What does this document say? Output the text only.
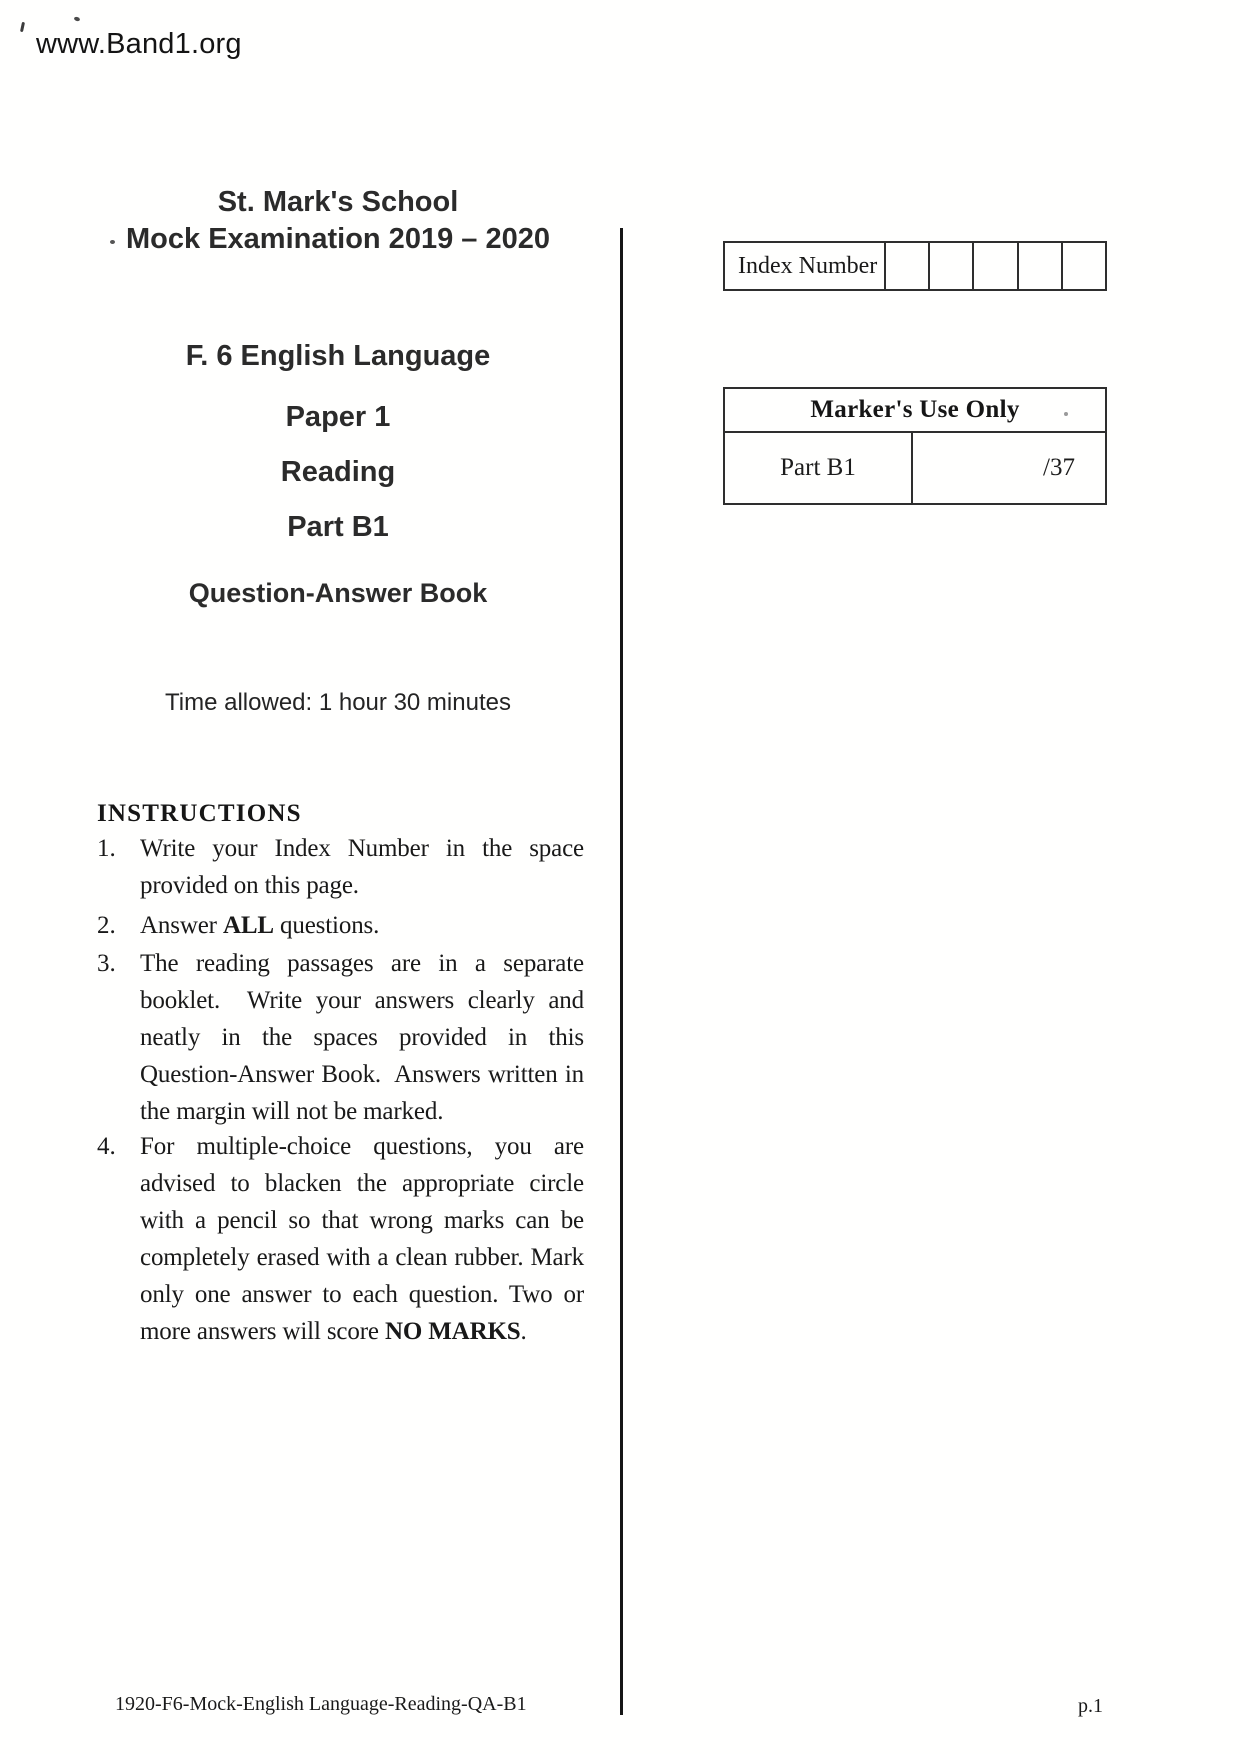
www.Band1.org
St. Mark's School
Mock Examination 2019 – 2020
F. 6 English Language
Paper 1
Reading
Part B1
Question-Answer Book
Time allowed: 1 hour 30 minutes
Index Number
Marker's Use Only
Part B1	/37
INSTRUCTIONS
1. Write your Index Number in the space provided on this page.
2. Answer ALL questions.
3. The reading passages are in a separate booklet.  Write your answers clearly and neatly in the spaces provided in this Question-Answer Book.  Answers written in the margin will not be marked.
4. For multiple-choice questions, you are advised to blacken the appropriate circle with a pencil so that wrong marks can be completely erased with a clean rubber. Mark only one answer to each question. Two or more answers will score NO MARKS.
1920-F6-Mock-English Language-Reading-QA-B1	p.1
